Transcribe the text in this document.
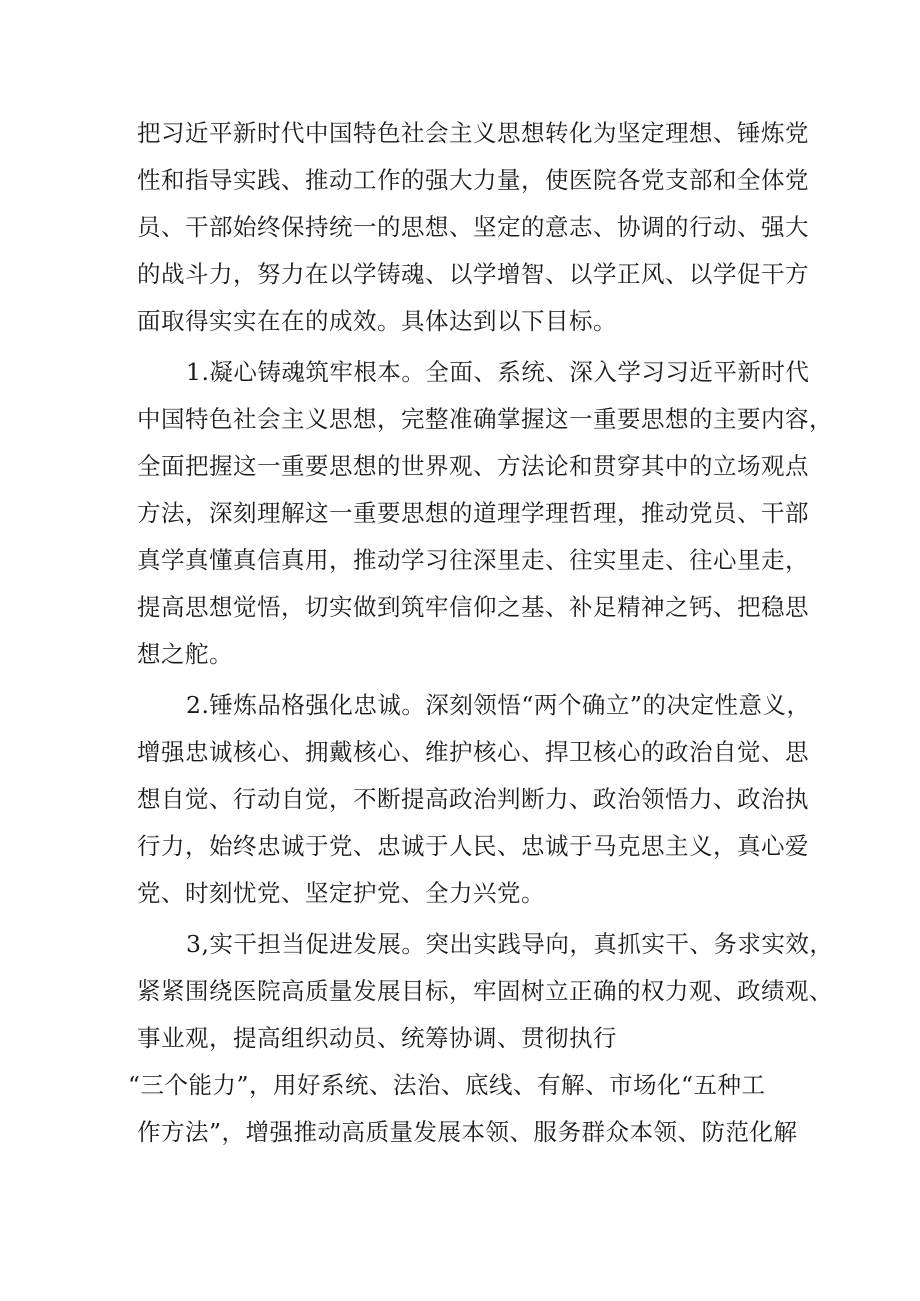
把习近平新时代中国特色社会主义思想转化为坚定理想、锤炼党
性和指导实践、推动工作的强大力量，使医院各党支部和全体党
员、干部始终保持统一的思想、坚定的意志、协调的行动、强大
的战斗力，努力在以学铸魂、以学增智、以学正风、以学促干方
面取得实实在在的成效。具体达到以下目标。
1.凝心铸魂筑牢根本。全面、系统、深入学习习近平新时代
中国特色社会主义思想，完整准确掌握这一重要思想的主要内容，
全面把握这一重要思想的世界观、方法论和贯穿其中的立场观点
方法，深刻理解这一重要思想的道理学理哲理，推动党员、干部
真学真懂真信真用，推动学习往深里走、往实里走、往心里走，
提高思想觉悟，切实做到筑牢信仰之基、补足精神之钙、把稳思
想之舵。
2.锤炼品格强化忠诚。深刻领悟“两个确立”的决定性意义，
增强忠诚核心、拥戴核心、维护核心、捍卫核心的政治自觉、思
想自觉、行动自觉，不断提高政治判断力、政治领悟力、政治执
行力，始终忠诚于党、忠诚于人民、忠诚于马克思主义，真心爱
党、时刻忧党、坚定护党、全力兴党。
3,实干担当促进发展。突出实践导向，真抓实干、务求实效，
紧紧围绕医院高质量发展目标，牢固树立正确的权力观、政绩观、
事业观，提高组织动员、统筹协调、贯彻执行
“三个能力”，用好系统、法治、底线、有解、市场化“五种工
作方法”，增强推动高质量发展本领、服务群众本领、防范化解
